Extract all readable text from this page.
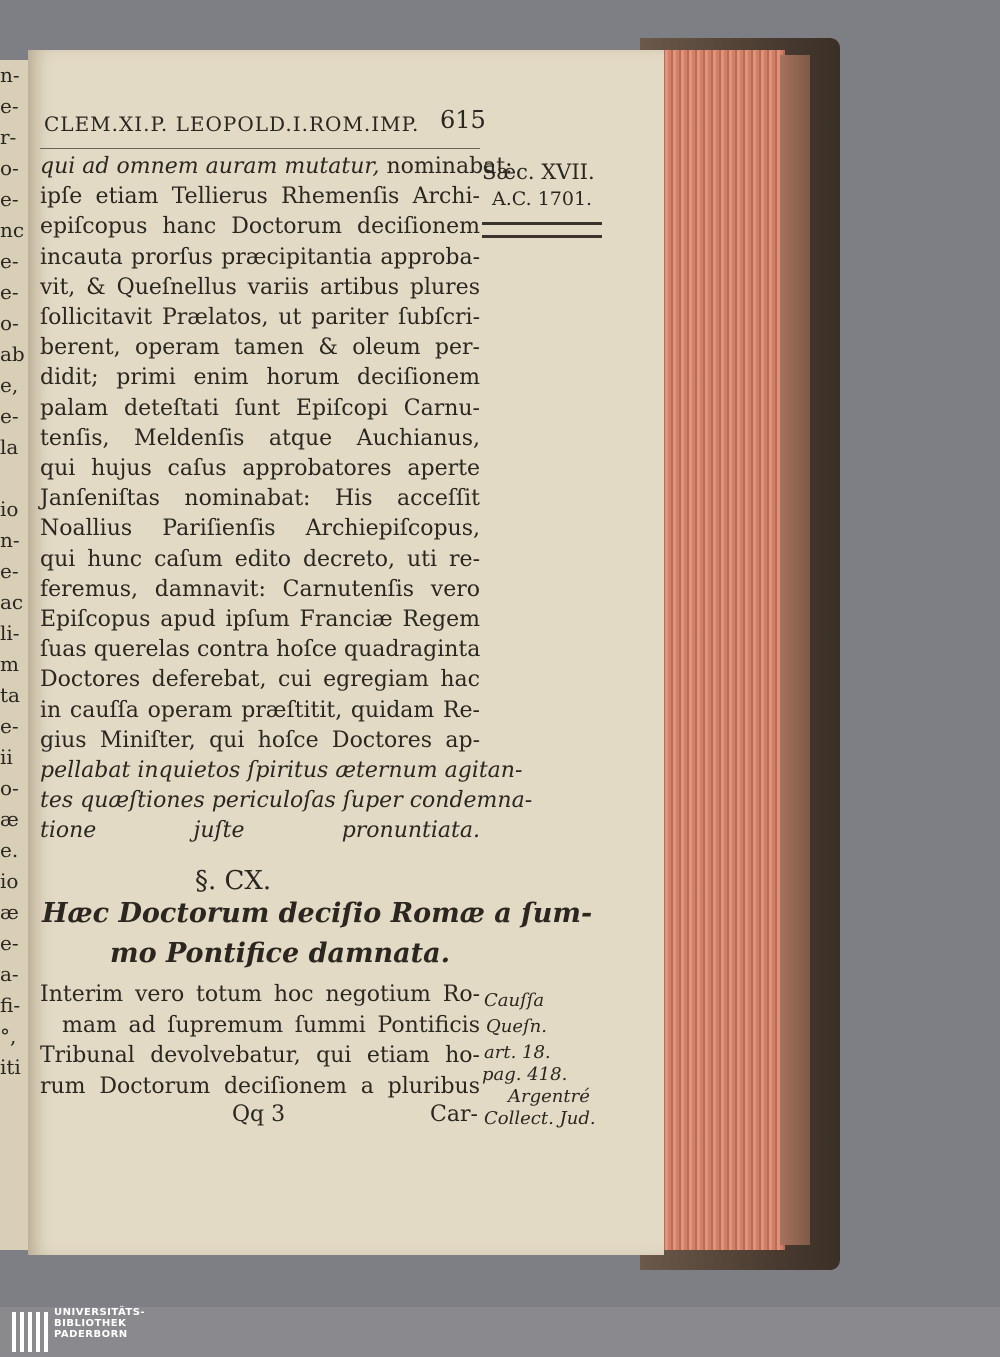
n-
e-
r-
o-
e-
nc
e-
e-
o-
ab
e,
e-
la
io
n-
e-
ac
li-
m
ta
e-
ii
o-
æ
e.
io
æ
e-
a-
fi-
°,
iti
CLEM.XI.P. LEOPOLD.I.ROM.IMP. 615
qui ad omnem auram mutatur, nominabat:
ipſe etiam Tellierus Rhemenſis Archi-
epiſcopus hanc Doctorum deciſionem
incauta prorſus præcipitantia approba-
vit, & Queſnellus variis artibus plures
ſollicitavit Prælatos, ut pariter ſubſcri-
berent, operam tamen & oleum per-
didit; primi enim horum deciſionem
palam deteſtati ſunt Epiſcopi Carnu-
tenſis, Meldenſis atque Auchianus,
qui hujus caſus approbatores aperte
Janſeniſtas nominabat: His acceſſit
Noallius Pariſienſis Archiepiſcopus,
qui hunc caſum edito decreto, uti re-
feremus, damnavit: Carnutenſis vero
Epiſcopus apud ipſum Franciæ Regem
ſuas querelas contra hoſce quadraginta
Doctores deferebat, cui egregiam hac
in cauſſa operam præſtitit, quidam Re-
gius Miniſter, qui hoſce Doctores ap-
pellabat inquietos ſpiritus æternum agitan-
tes quæſtiones periculoſas ſuper condemna-
tione juſte pronuntiata.
§. CX.
Hæc Doctorum deciſio Romæ a ſum-
mo Pontifice damnata.
Interim vero totum hoc negotium Ro-
mam ad ſupremum ſummi Pontificis
Tribunal devolvebatur, qui etiam ho-
rum Doctorum deciſionem a pluribus
Qq 3	Car-
Sæc. XVII.
A.C. 1701.
Cauſſa
Queſn.
art. 18.
pag. 418.
Argentré
Collect. Jud.
UNIVERSITÄTS-
BIBLIOTHEK
PADERBORN
